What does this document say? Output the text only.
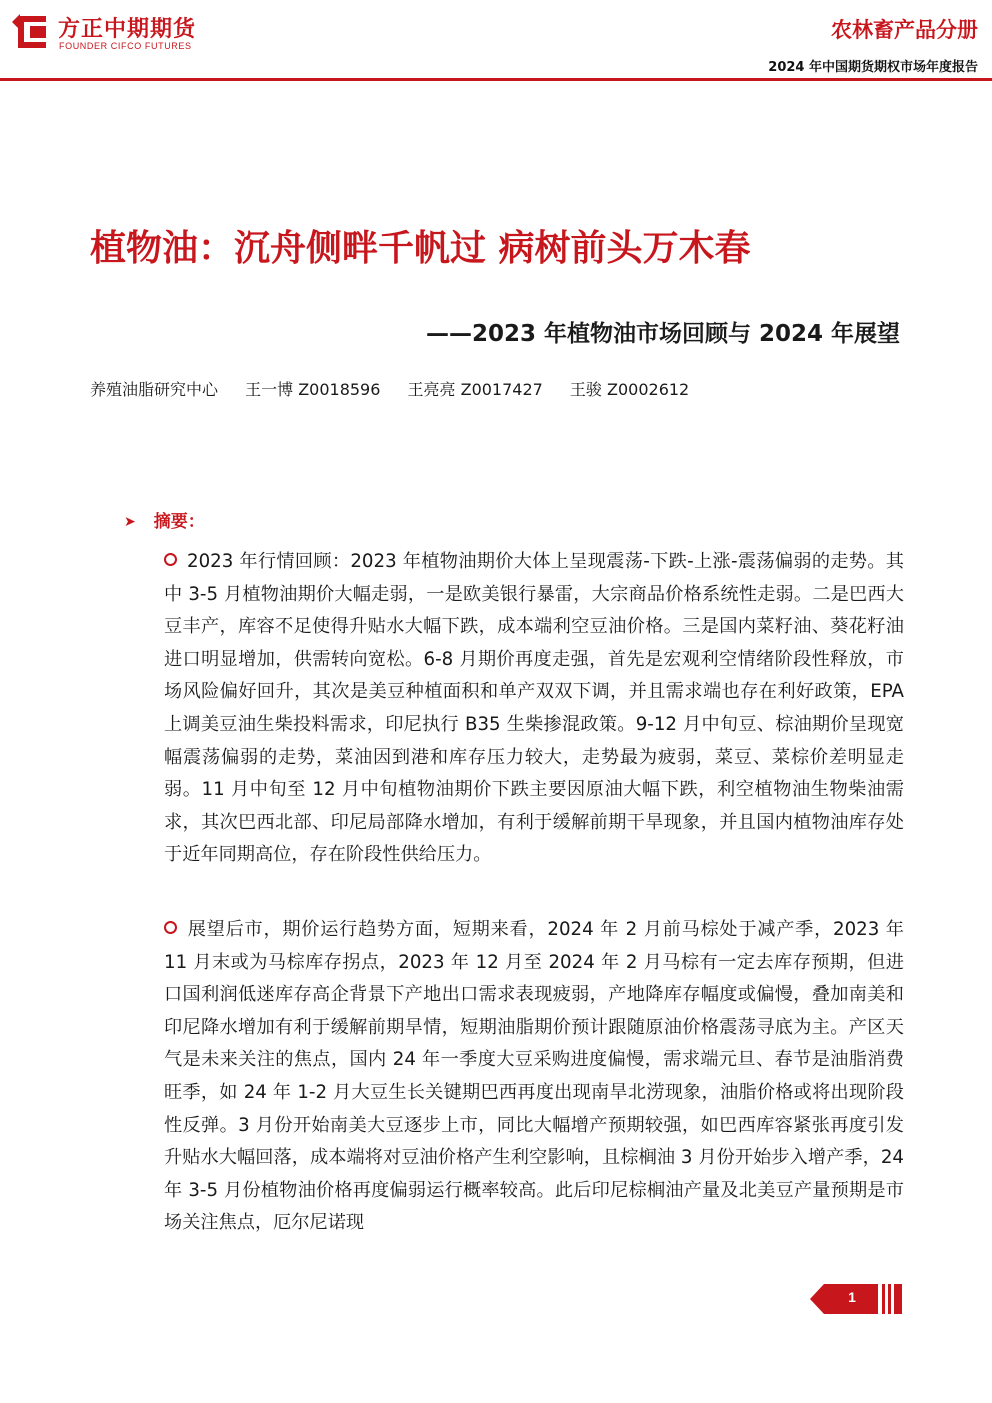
方正中期期货
FOUNDER CIFCO FUTURES
农林畜产品分册
2024 年中国期货期权市场年度报告
植物油：沉舟侧畔千帆过 病树前头万木春
——2023 年植物油市场回顾与 2024 年展望
养殖油脂研究中心 王一博 Z0018596 王亮亮 Z0017427 王骏 Z0002612
➤ 摘要：
2023 年行情回顾：2023 年植物油期价大体上呈现震荡-下跌-上涨-震荡偏弱的走势。其中 3-5 月植物油期价大幅走弱，一是欧美银行暴雷，大宗商品价格系统性走弱。二是巴西大豆丰产，库容不足使得升贴水大幅下跌，成本端利空豆油价格。三是国内菜籽油、葵花籽油进口明显增加，供需转向宽松。6-8 月期价再度走强，首先是宏观利空情绪阶段性释放，市场风险偏好回升，其次是美豆种植面积和单产双双下调，并且需求端也存在利好政策，EPA 上调美豆油生柴投料需求，印尼执行 B35 生柴掺混政策。9-12 月中旬豆、棕油期价呈现宽幅震荡偏弱的走势，菜油因到港和库存压力较大，走势最为疲弱，菜豆、菜棕价差明显走弱。11 月中旬至 12 月中旬植物油期价下跌主要因原油大幅下跌，利空植物油生物柴油需求，其次巴西北部、印尼局部降水增加，有利于缓解前期干旱现象，并且国内植物油库存处于近年同期高位，存在阶段性供给压力。
展望后市，期价运行趋势方面，短期来看，2024 年 2 月前马棕处于减产季，2023 年 11 月末或为马棕库存拐点，2023 年 12 月至 2024 年 2 月马棕有一定去库存预期，但进口国利润低迷库存高企背景下产地出口需求表现疲弱，产地降库存幅度或偏慢，叠加南美和印尼降水增加有利于缓解前期旱情，短期油脂期价预计跟随原油价格震荡寻底为主。产区天气是未来关注的焦点，国内 24 年一季度大豆采购进度偏慢，需求端元旦、春节是油脂消费旺季，如 24 年 1-2 月大豆生长关键期巴西再度出现南旱北涝现象，油脂价格或将出现阶段性反弹。3 月份开始南美大豆逐步上市，同比大幅增产预期较强，如巴西库容紧张再度引发升贴水大幅回落，成本端将对豆油价格产生利空影响，且棕榈油 3 月份开始步入增产季，24 年 3-5 月份植物油价格再度偏弱运行概率较高。此后印尼棕榈油产量及北美豆产量预期是市场关注焦点，厄尔尼诺现
1
